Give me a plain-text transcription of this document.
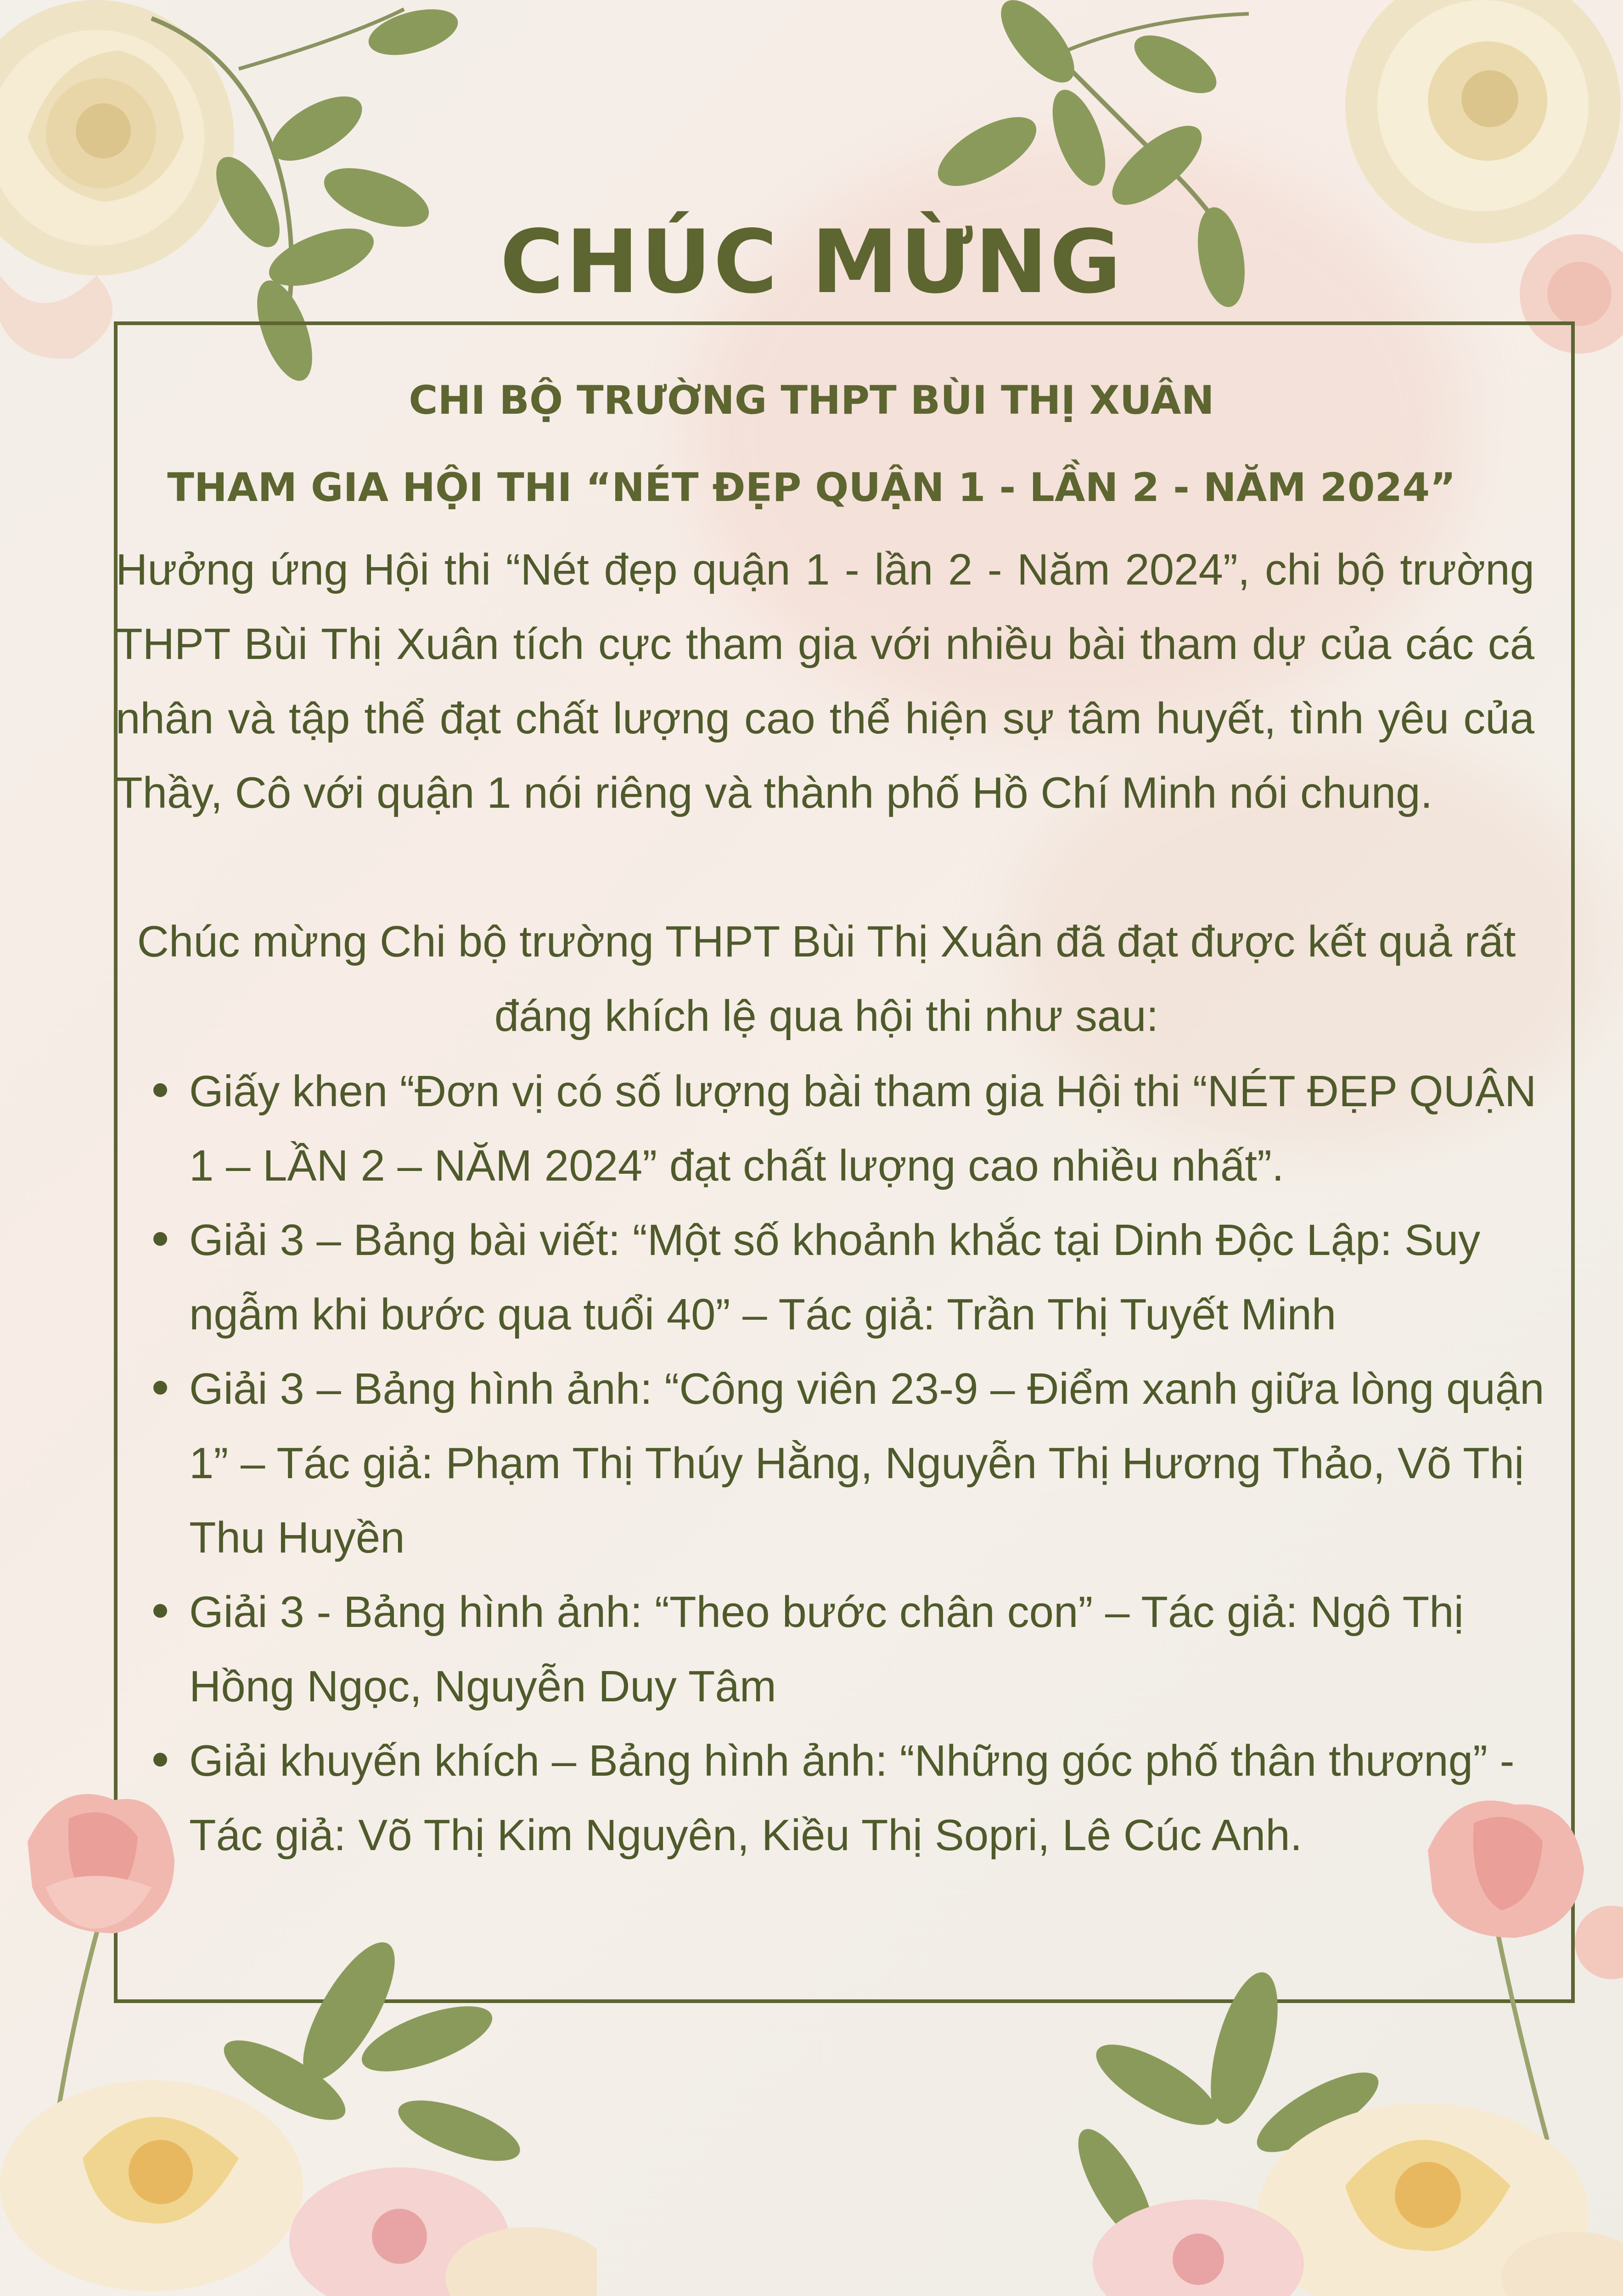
CHÚC MỪNG
CHI BỘ TRƯỜNG THPT BÙI THỊ XUÂN
THAM GIA HỘI THI “NÉT ĐẸP QUẬN 1 - LẦN 2 - NĂM 2024”
Hưởng ứng Hội thi “Nét đẹp quận 1 - lần 2 - Năm 2024”, chi bộ trường THPT Bùi Thị Xuân tích cực tham gia với nhiều bài tham dự của các cá nhân và tập thể đạt chất lượng cao thể hiện sự tâm huyết, tình yêu của Thầy, Cô với quận 1 nói riêng và thành phố Hồ Chí Minh nói chung.
Chúc mừng Chi bộ trường THPT Bùi Thị Xuân đã đạt được kết quả rất đáng khích lệ qua hội thi như sau:
Giấy khen “Đơn vị có số lượng bài tham gia Hội thi “NÉT ĐẸP QUẬN 1 – LẦN 2 – NĂM 2024” đạt chất lượng cao nhiều nhất”.
Giải 3 – Bảng bài viết: “Một số khoảnh khắc tại Dinh Độc Lập: Suy ngẫm khi bước qua tuổi 40” – Tác giả: Trần Thị Tuyết Minh
Giải 3 – Bảng hình ảnh: “Công viên 23-9 – Điểm xanh giữa lòng quận 1” – Tác giả: Phạm Thị Thúy Hằng, Nguyễn Thị Hương Thảo, Võ Thị Thu Huyền
Giải 3 - Bảng hình ảnh: “Theo bước chân con” – Tác giả: Ngô Thị Hồng Ngọc, Nguyễn Duy Tâm
Giải khuyến khích – Bảng hình ảnh: “Những góc phố thân thương” -Tác giả: Võ Thị Kim Nguyên, Kiều Thị Sopri, Lê Cúc Anh.
